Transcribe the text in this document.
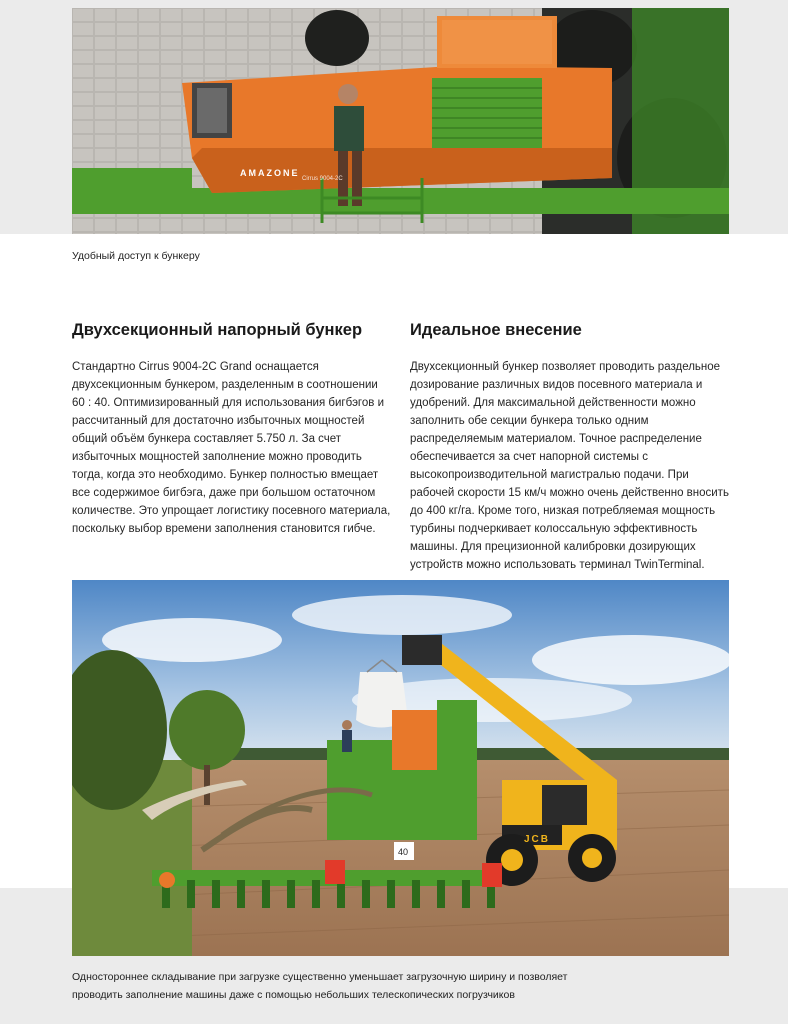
AMAZONE
Cirrus 9004-2C
Удобный доступ к бункеру
Двухсекционный напорный бункер

Стандартно Cirrus 9004-2C Grand оснащается двухсекционным бункером, разделенным в соотношении 60 : 40. Оптимизированный для использования бигбэгов и рассчитанный для достаточно избыточных мощностей общий объём бункера составляет 5.750 л. За счет избыточных мощностей заполнение можно проводить тогда, когда это необходимо. Бункер полностью вмещает все содержимое бигбэга, даже при большом остаточном количестве. Это упрощает логистику посевного материала, поскольку выбор времени заполнения становится гибче.

Идеальное внесение

Двухсекционный бункер позволяет проводить раздельное дозирование различных видов посевного материала и удобрений. Для максимальной действенности можно заполнить обе секции бункера только одним распределяемым материалом. Точное распределение обеспечивается за счет напорной системы с высокопроизводительной магистралью подачи. При рабочей скорости 15 км/ч можно очень действенно вносить до 400 кг/га. Кроме того, низкая потребляемая мощность турбины подчеркивает колоссальную эффективность машины. Для прецизионной калибровки дозирующих устройств можно использовать терминал TwinTerminal.

JCB
40
Одностороннее складывание при загрузке существенно уменьшает загрузочную ширину и позволяет
проводить заполнение машины даже с помощью небольших телескопических погрузчиков
